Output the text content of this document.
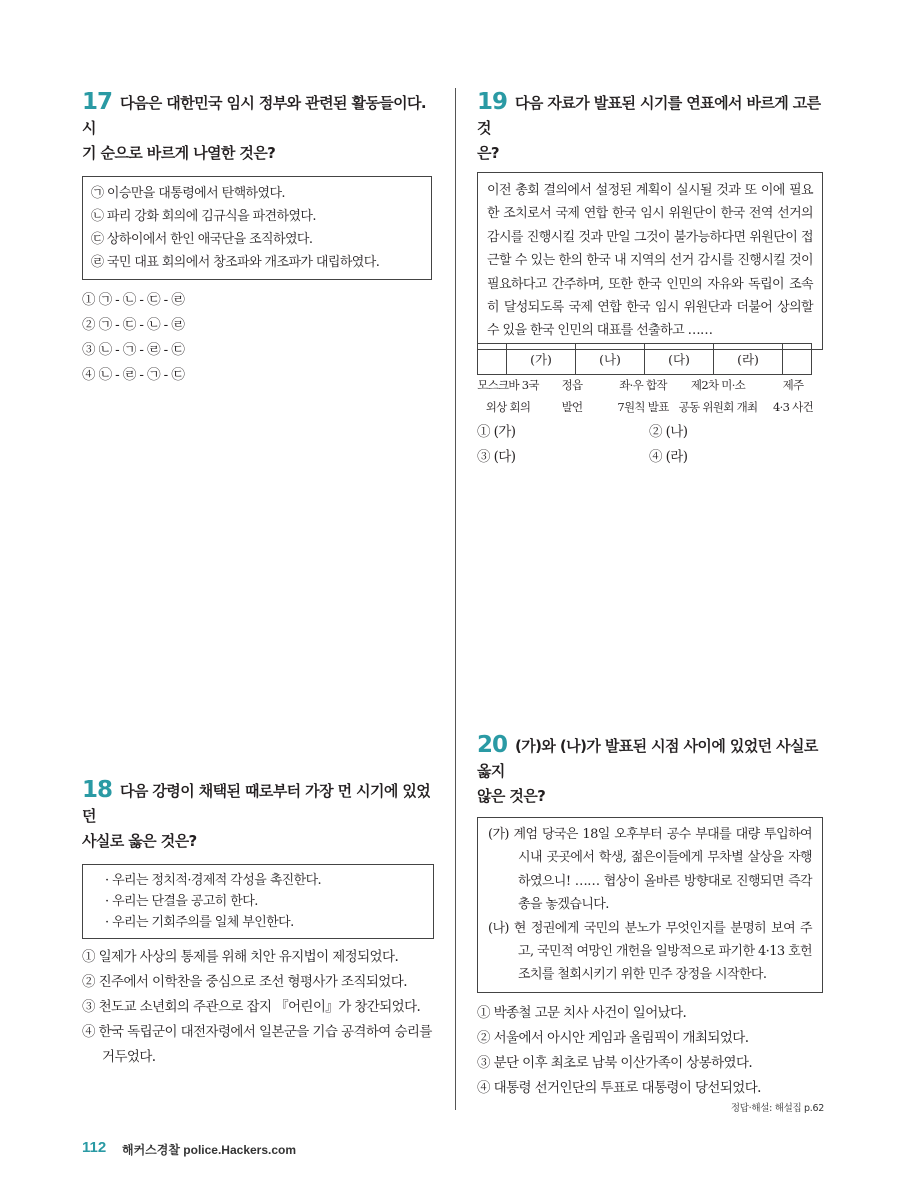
17 다음은 대한민국 임시 정부와 관련된 활동들이다. 시
기 순으로 바르게 나열한 것은?
㉠ 이승만을 대통령에서 탄핵하였다.
㉡ 파리 강화 회의에 김규식을 파견하였다.
㉢ 상하이에서 한인 애국단을 조직하였다.
㉣ 국민 대표 회의에서 창조파와 개조파가 대립하였다.
① ㉠ - ㉡ - ㉢ - ㉣
② ㉠ - ㉢ - ㉡ - ㉣
③ ㉡ - ㉠ - ㉣ - ㉢
④ ㉡ - ㉣ - ㉠ - ㉢
18 다음 강령이 채택된 때로부터 가장 먼 시기에 있었던
사실로 옳은 것은?
· 우리는 정치적·경제적 각성을 촉진한다.
· 우리는 단결을 공고히 한다.
· 우리는 기회주의를 일체 부인한다.
① 일제가 사상의 통제를 위해 치안 유지법이 제정되었다.
② 진주에서 이학찬을 중심으로 조선 형평사가 조직되었다.
③ 천도교 소년회의 주관으로 잡지 『어린이』가 창간되었다.
④ 한국 독립군이 대전자령에서 일본군을 기습 공격하여 승리를 거두었다.
19 다음 자료가 발표된 시기를 연표에서 바르게 고른 것
은?
이전 총회 결의에서 설정된 계획이 실시될 것과 또 이에 필요한 조치로서 국제 연합 한국 임시 위원단이 한국 전역 선거의 감시를 진행시킬 것과 만일 그것이 불가능하다면 위원단이 접근할 수 있는 한의 한국 내 지역의 선거 감시를 진행시킬 것이 필요하다고 간주하며, 또한 한국 인민의 자유와 독립이 조속히 달성되도록 국제 연합 한국 임시 위원단과 더불어 상의할 수 있을 한국 인민의 대표를 선출하고 ……
	(가)	(나)	(다)	(라)	
모스크바 3국
외상 회의
정읍
발언
좌·우 합작
7원칙 발표
제2차 미·소
공동 위원회 개최
제주
4·3 사건
① (가)	② (나)
③ (다)	④ (라)
20 (가)와 (나)가 발표된 시점 사이에 있었던 사실로 옳지
않은 것은?
(가) 계엄 당국은 18일 오후부터 공수 부대를 대량 투입하여 시내 곳곳에서 학생, 젊은이들에게 무차별 살상을 자행하였으니! …… 협상이 올바른 방향대로 진행되면 즉각 총을 놓겠습니다.
(나) 현 정권에게 국민의 분노가 무엇인지를 분명히 보여 주고, 국민적 여망인 개헌을 일방적으로 파기한 4·13 호헌 조치를 철회시키기 위한 민주 장정을 시작한다.
① 박종철 고문 치사 사건이 일어났다.
② 서울에서 아시안 게임과 올림픽이 개최되었다.
③ 분단 이후 최초로 남북 이산가족이 상봉하였다.
④ 대통령 선거인단의 투표로 대통령이 당선되었다.
정답·해설: 해설집 p.62
112 해커스경찰 police.Hackers.com
